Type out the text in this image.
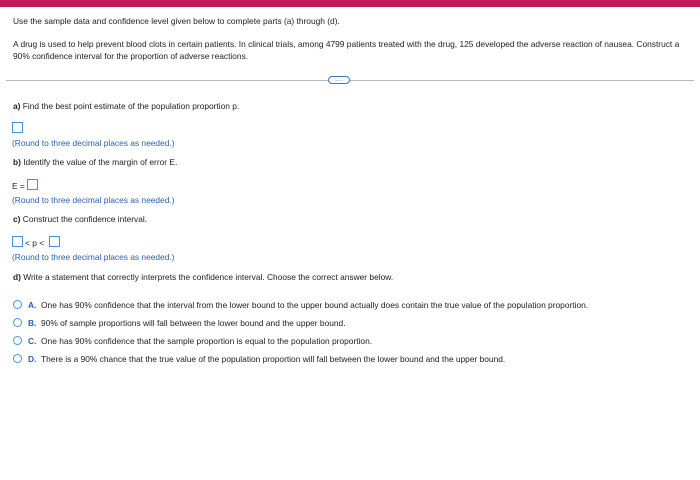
Use the sample data and confidence level given below to complete parts (a) through (d).
A drug is used to help prevent blood clots in certain patients. In clinical trials, among 4799 patients treated with the drug, 125 developed the adverse reaction of nausea. Construct a 90% confidence interval for the proportion of adverse reactions.
....
a) Find the best point estimate of the population proportion p.
(Round to three decimal places as needed.)
b) Identify the value of the margin of error E.
E =
(Round to three decimal places as needed.)
c) Construct the confidence interval.
< p <
(Round to three decimal places as needed.)
d) Write a statement that correctly interprets the confidence interval. Choose the correct answer below.
A. One has 90% confidence that the interval from the lower bound to the upper bound actually does contain the true value of the population proportion.
B. 90% of sample proportions will fall between the lower bound and the upper bound.
C. One has 90% confidence that the sample proportion is equal to the population proportion.
D. There is a 90% chance that the true value of the population proportion will fall between the lower bound and the upper bound.
